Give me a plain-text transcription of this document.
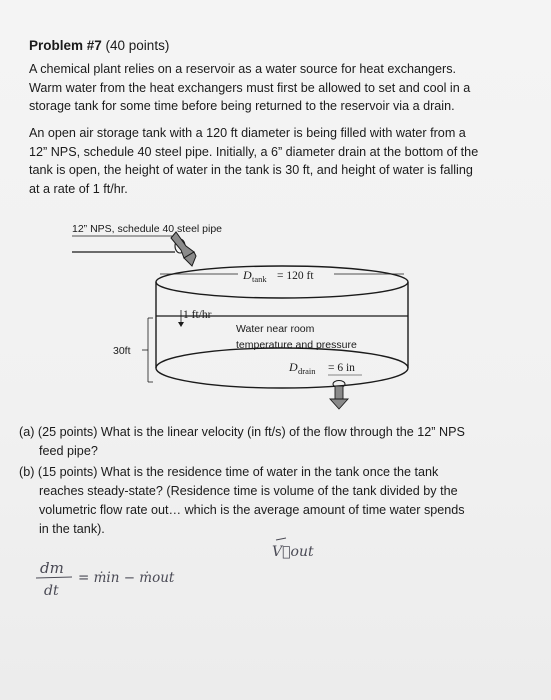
Problem #7 (40 points)
A chemical plant relies on a reservoir as a water source for heat exchangers.
Warm water from the heat exchangers must first be allowed to set and cool in a
storage tank for some time before being returned to the reservoir via a drain.
An open air storage tank with a 120 ft diameter is being filled with water from a
12” NPS, schedule 40 steel pipe. Initially, a 6” diameter drain at the bottom of the
tank is open, the height of water in the tank is 30 ft, and height of water is falling
at a rate of 1 ft/hr.
12” NPS, schedule 40 steel pipe
D tank = 120 ft
1 ft/hr
30ft
Water near room
temperature and pressure
D drain = 6 in
(a) (25 points) What is the linear velocity (in ft/s) of the flow through the 12” NPS
feed pipe?
(b) (15 points) What is the residence time of water in the tank once the tank
reaches steady-state? (Residence time is volume of the tank divided by the
volumetric flow rate out… which is the average amount of time water spends
in the tank).
dm
dt
= ṁin − ṁout
V⃗out
